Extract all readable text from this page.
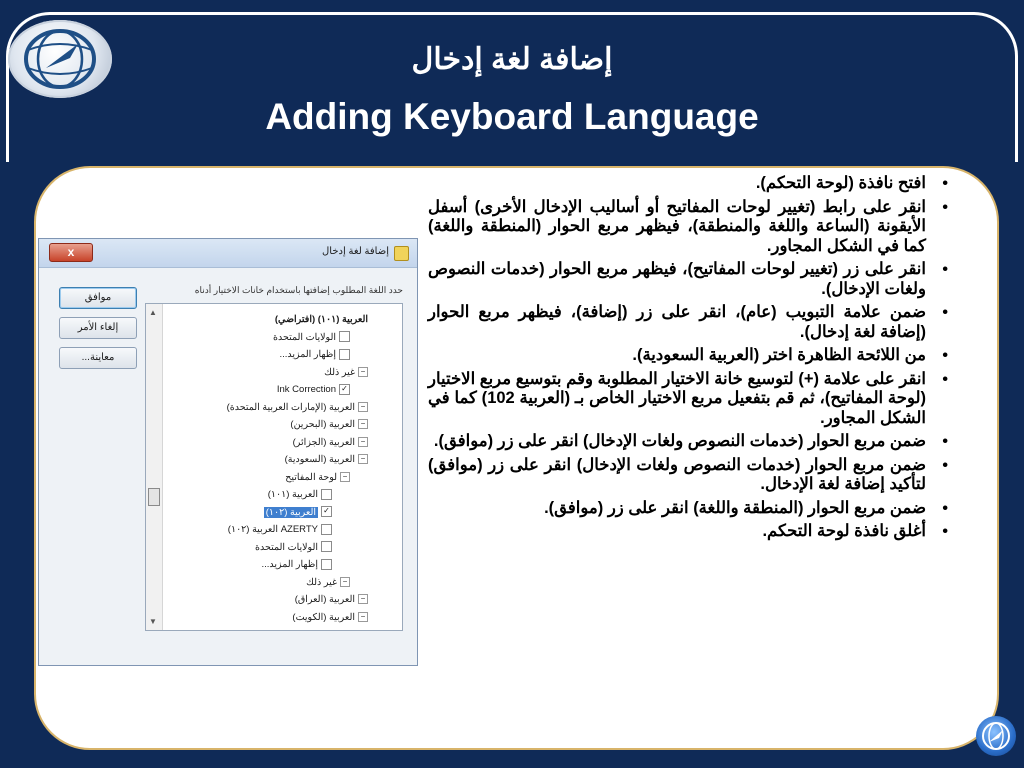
إضافة لغة إدخال
Adding Keyboard Language
x	إضافة لغة إدخال
حدد اللغة المطلوب إضافتها باستخدام خانات الاختيار أدناه
موافق
إلغاء الأمر
معاينة...
▲
▼
العربية (١٠١) (افتراضي)
الولايات المتحدة
إظهار المزيد...
−غير ذلك
✓Ink Correction
−العربية (الإمارات العربية المتحدة)
−العربية (البحرين)
−العربية (الجزائر)
−العربية (السعودية)
−لوحة المفاتيح
العربية (١٠١)
✓العربية (١٠٢)
AZERTY العربية (١٠٢)
الولايات المتحدة
إظهار المزيد...
−غير ذلك
−العربية (العراق)
−العربية (الكويت)
• افتح نافذة (لوحة التحكم).
• انقر على رابط (تغيير لوحات المفاتيح أو أساليب الإدخال الأخرى) أسفل الأيقونة (الساعة واللغة والمنطقة)، فيظهر مربع الحوار (المنطقة واللغة) كما في الشكل المجاور.
• انقر على زر (تغيير لوحات المفاتيح)، فيظهر مربع الحوار (خدمات النصوص ولغات الإدخال).
• ضمن علامة التبويب (عام)، انقر على زر (إضافة)، فيظهر مربع الحوار (إضافة لغة إدخال).
• من اللائحة الظاهرة اختر (العربية السعودية).
• انقر على علامة (+) لتوسيع خانة الاختيار المطلوبة وقم بتوسيع مربع الاختيار (لوحة المفاتيح)، ثم قم بتفعيل مربع الاختيار الخاص بـ (العربية 102) كما في الشكل المجاور.
• ضمن مربع الحوار (خدمات النصوص ولغات الإدخال) انقر على زر (موافق).
• ضمن مربع الحوار (خدمات النصوص ولغات الإدخال) انقر على زر (موافق) لتأكيد إضافة لغة الإدخال.
• ضمن مربع الحوار (المنطقة واللغة) انقر على زر (موافق).
• أغلق نافذة لوحة التحكم.
